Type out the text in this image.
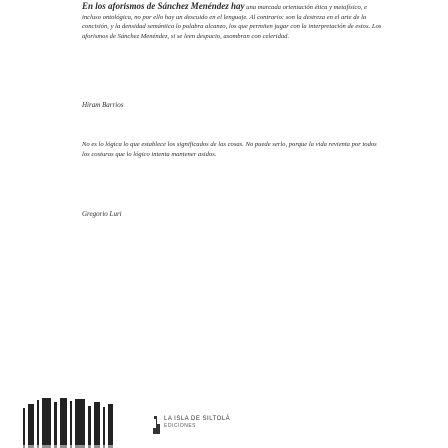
En los aforismos de Sánchez Menéndez hay una marcada orientación ética y metafísico, e incluso ontológica, no por ello hay un descuido en el lenguaje. Al contrario: son la destreza en el arte de la concisión, y la densidad semántica lo palabra alcanzo, los que permiten jugar con la interpretación de estos. Los aforismos de Sánchez Menéndez, si se leen despacio, asombran con celeridad.

Hiram Barrios

No es lo lógica lo que establece los significados de las cosas. No puede serlo, porque la vida revienta por todos los costuras que lo lógico intenta mantener asidos.

Gregorio Luri

LA ISLA DE SILTOLÁ
EDICIONES
